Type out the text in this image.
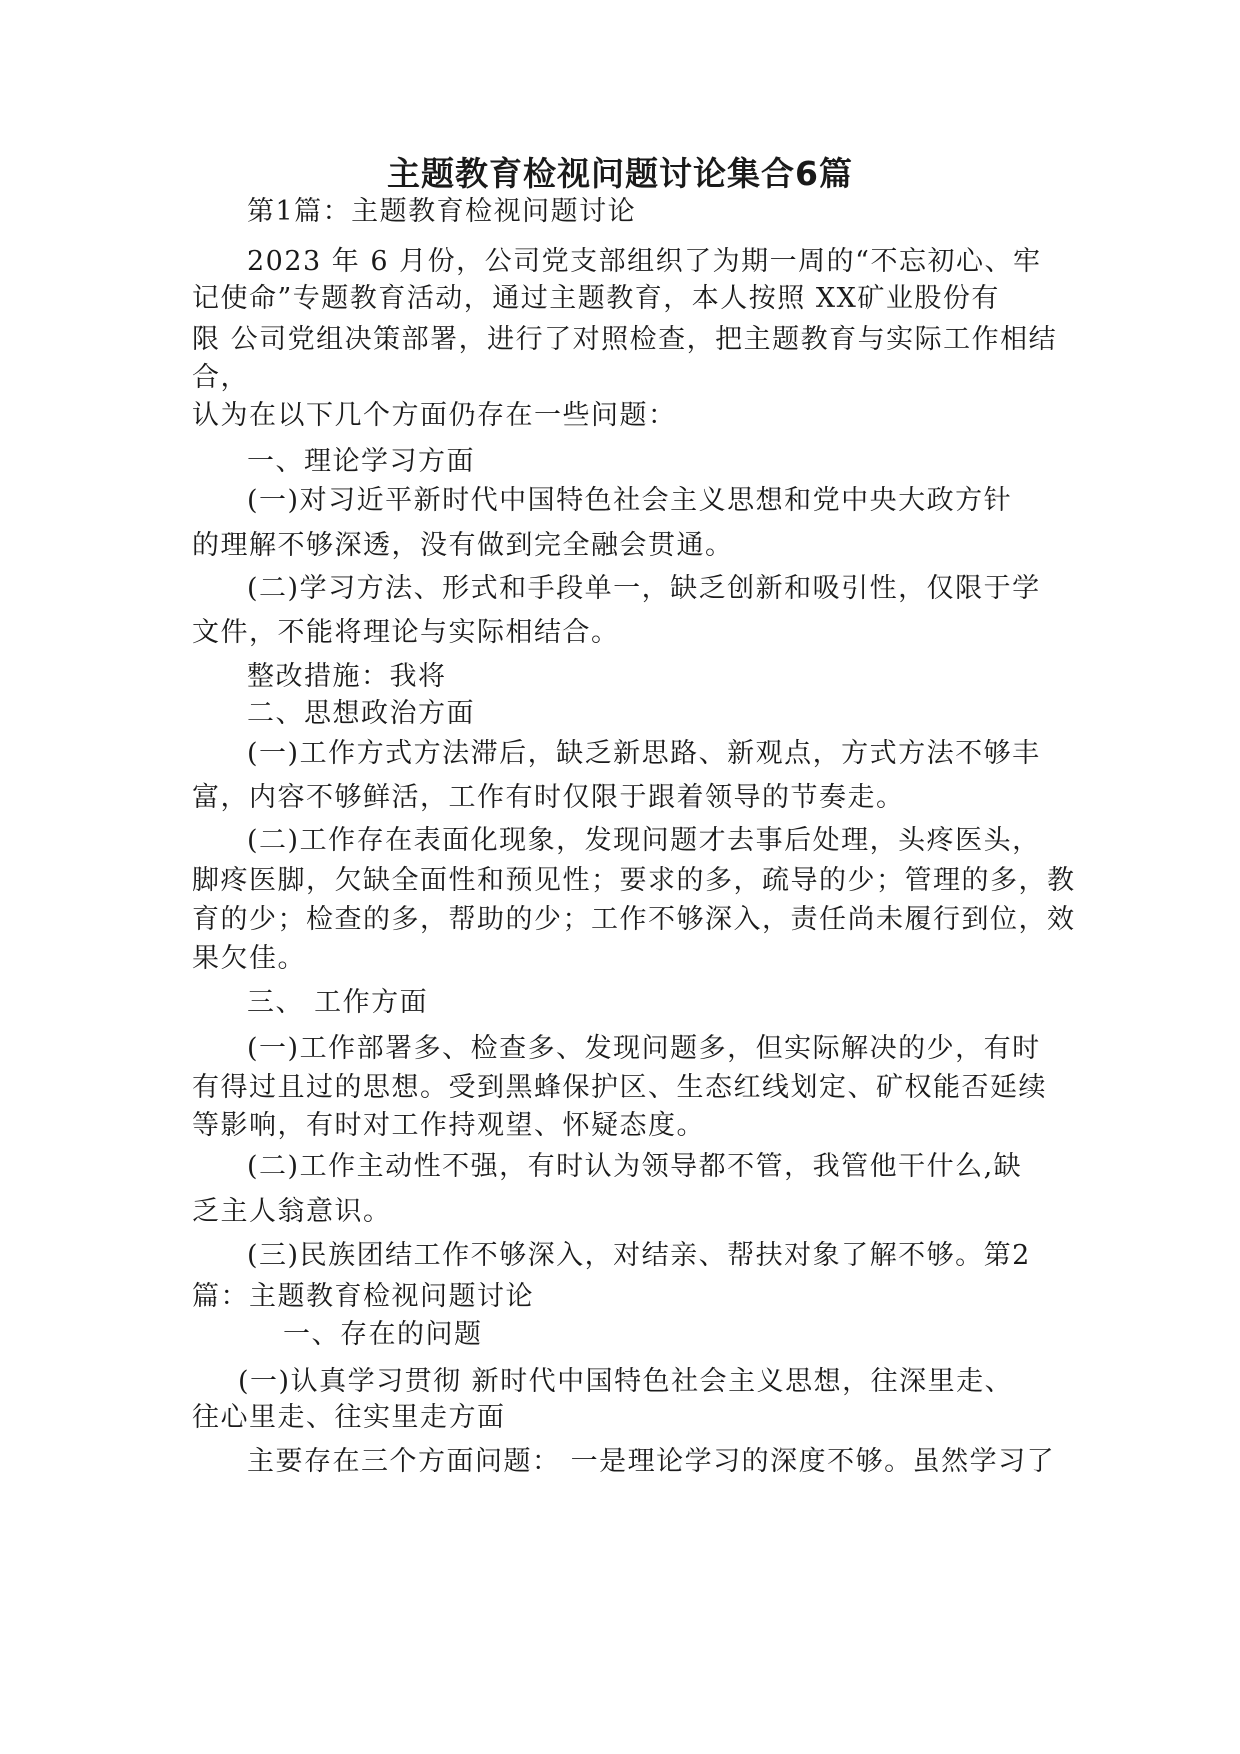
主题教育检视问题讨论集合6篇
第1篇：主题教育检视问题讨论
2023 年 6 月份，公司党支部组织了为期一周的“不忘初心、牢
记使命”专题教育活动，通过主题教育，本人按照 XX矿业股份有
限 公司党组决策部署，进行了对照检查，把主题教育与实际工作相结
合，
认为在以下几个方面仍存在一些问题：
一、理论学习方面
(一)对习近平新时代中国特色社会主义思想和党中央大政方针
的理解不够深透，没有做到完全融会贯通。
(二)学习方法、形式和手段单一，缺乏创新和吸引性，仅限于学
文件，不能将理论与实际相结合。
整改措施：我将
二、思想政治方面
(一)工作方式方法滞后，缺乏新思路、新观点，方式方法不够丰
富，内容不够鲜活，工作有时仅限于跟着领导的节奏走。
(二)工作存在表面化现象，发现问题才去事后处理，头疼医头，
脚疼医脚，欠缺全面性和预见性；要求的多，疏导的少；管理的多，教
育的少；检查的多，帮助的少；工作不够深入，责任尚未履行到位，效
果欠佳。
三、 工作方面
(一)工作部署多、检查多、发现问题多，但实际解决的少，有时
有得过且过的思想。受到黑蜂保护区、生态红线划定、矿权能否延续
等影响，有时对工作持观望、怀疑态度。
(二)工作主动性不强，有时认为领导都不管，我管他干什么,缺
乏主人翁意识。
(三)民族团结工作不够深入，对结亲、帮扶对象了解不够。第2
篇：主题教育检视问题讨论
一、存在的问题
(一)认真学习贯彻 新时代中国特色社会主义思想，往深里走、
往心里走、往实里走方面
主要存在三个方面问题： 一是理论学习的深度不够。虽然学习了
